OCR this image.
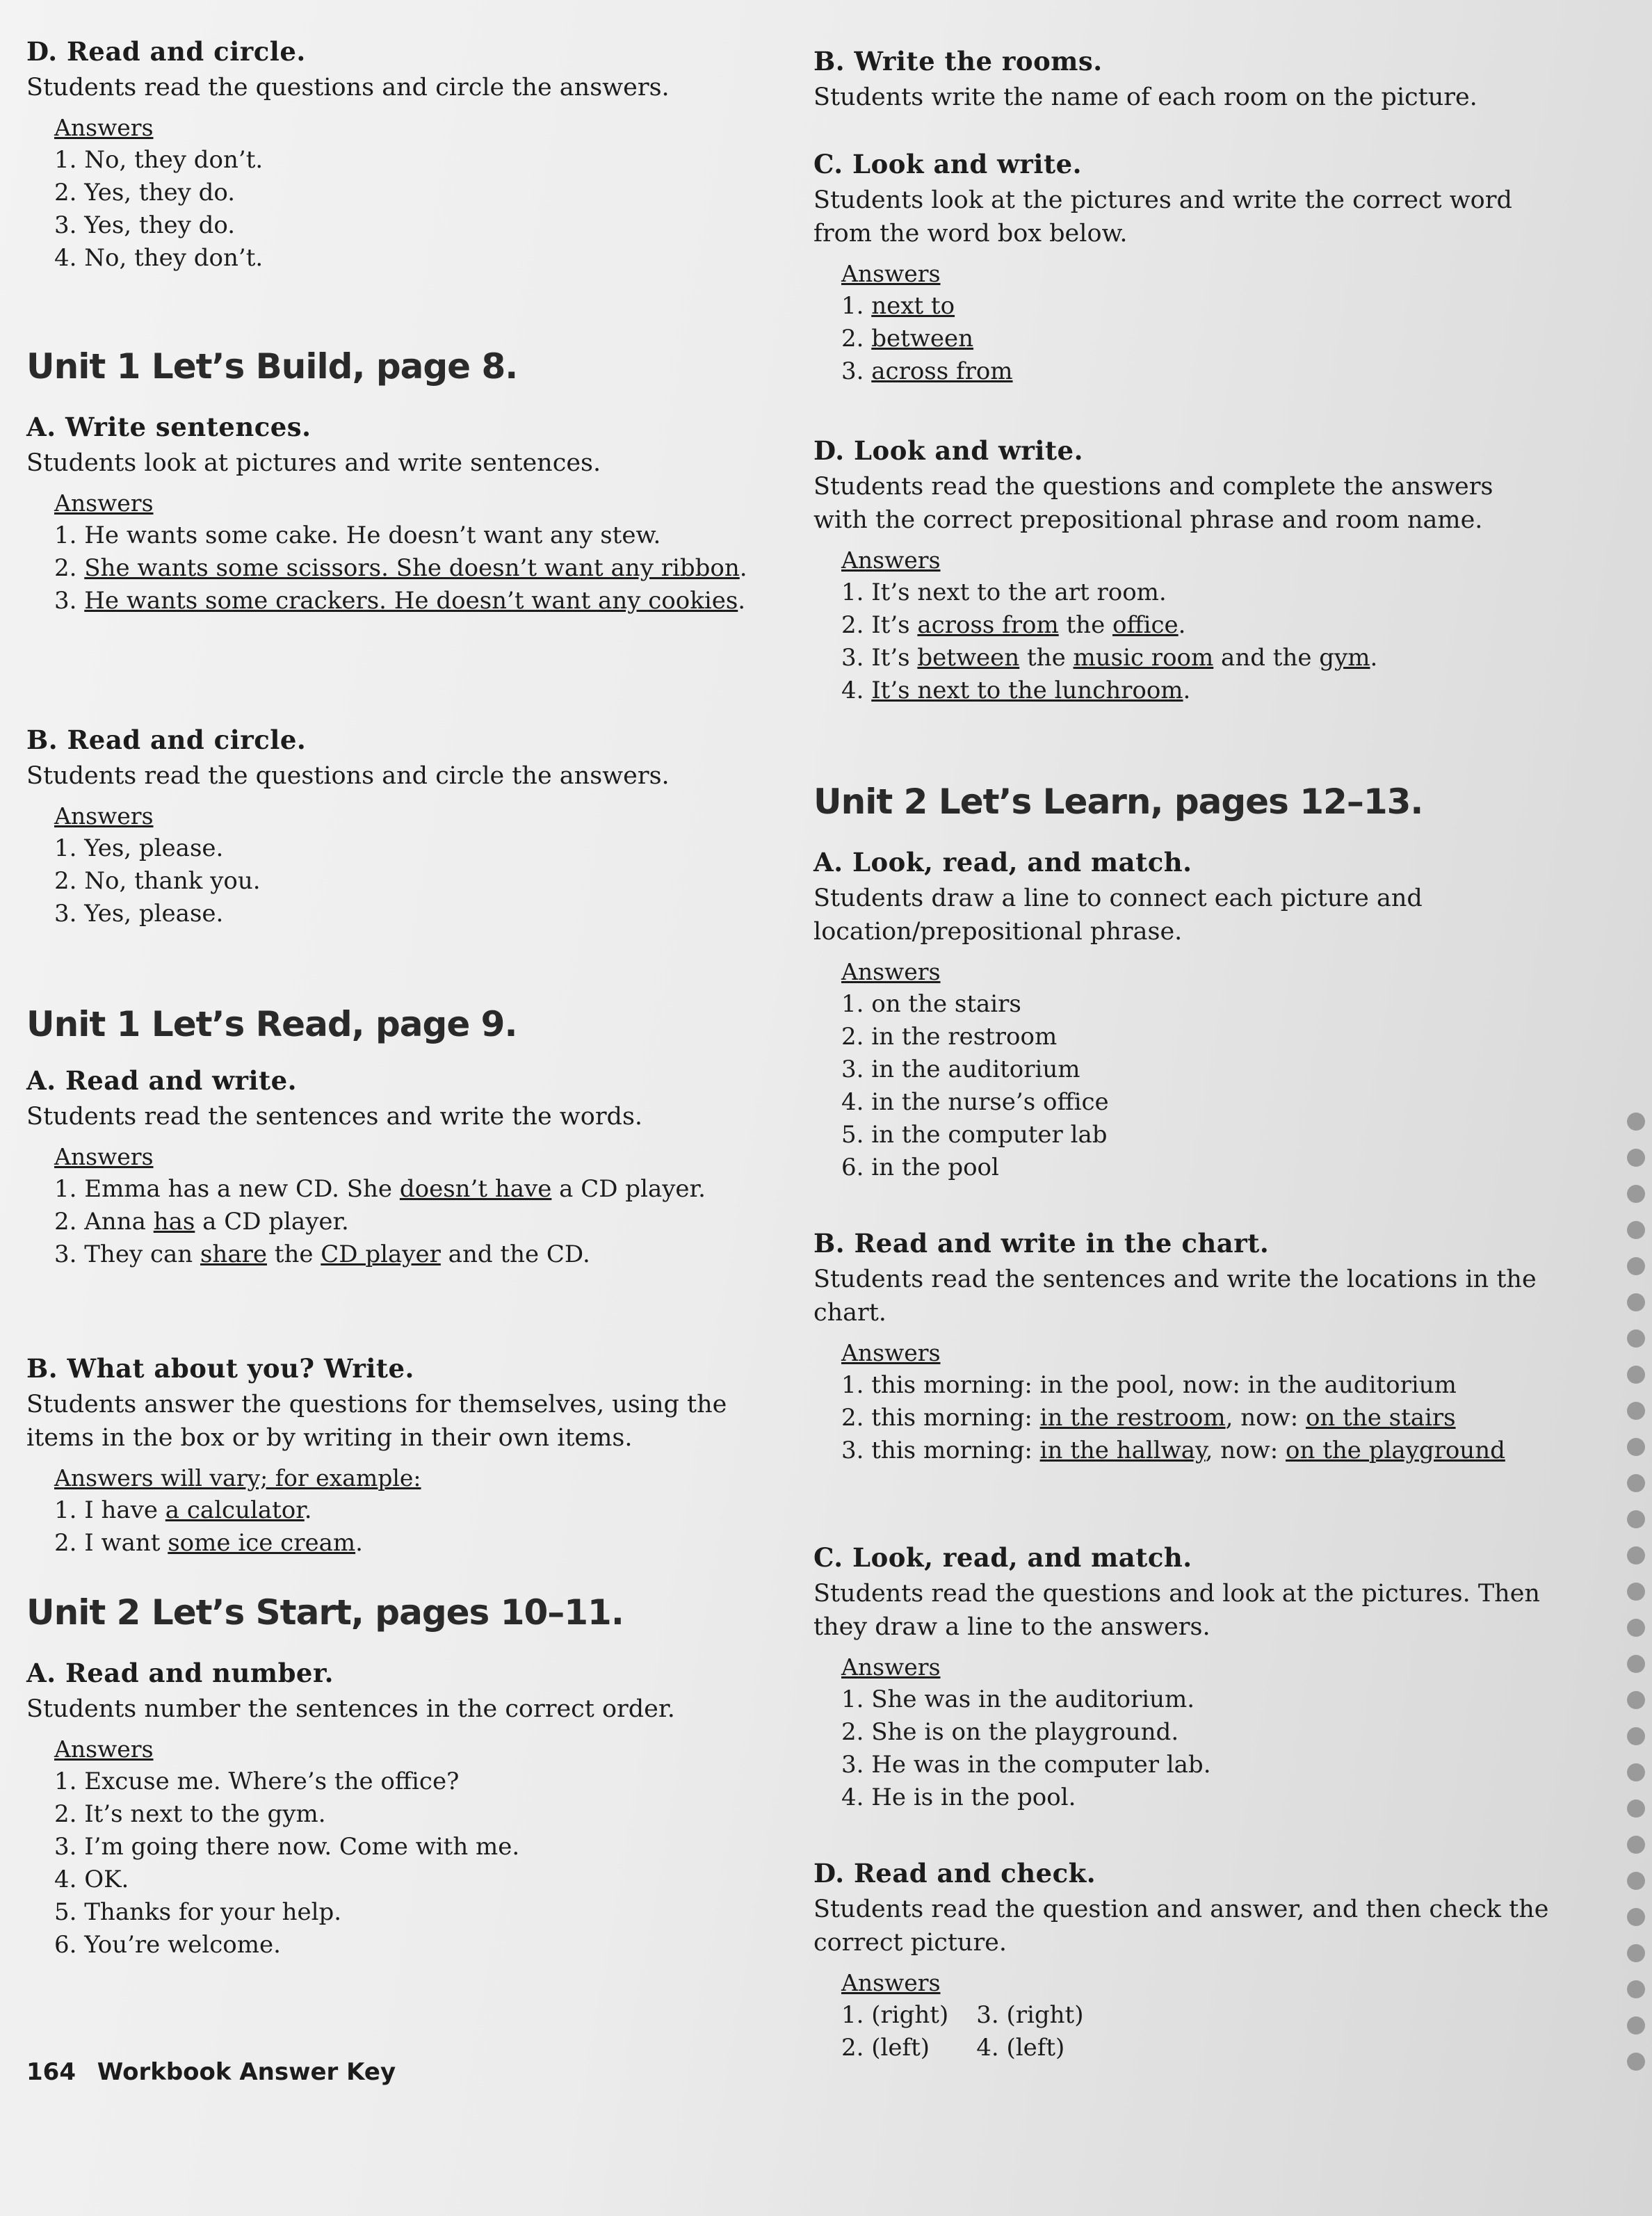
D. Read and circle.

Students read the questions and circle the answers.

Answers
1. No, they don’t.
2. Yes, they do.
3. Yes, they do.
4. No, they don’t.
Unit 1 Let’s Build, page 8.

A. Write sentences.

Students look at pictures and write sentences.

Answers
1. He wants some cake. He doesn’t want any stew.
2. She wants some scissors. She doesn’t want any ribbon.
3. He wants some crackers. He doesn’t want any cookies.

B. Read and circle.

Students read the questions and circle the answers.

Answers
1. Yes, please.
2. No, thank you.
3. Yes, please.
Unit 1 Let’s Read, page 9.

A. Read and write.

Students read the sentences and write the words.

Answers
1. Emma has a new CD. She doesn’t have a CD player.
2. Anna has a CD player.
3. They can share the CD player and the CD.

B. What about you? Write.

Students answer the questions for themselves, using the items in the box or by writing in their own items.

Answers will vary; for example:
1. I have a calculator.
2. I want some ice cream.
Unit 2 Let’s Start, pages 10–11.

A. Read and number.

Students number the sentences in the correct order.

Answers
1. Excuse me. Where’s the office?
2. It’s next to the gym.
3. I’m going there now. Come with me.
4. OK.
5. Thanks for your help.
6. You’re welcome.

B. Write the rooms.

Students write the name of each room on the picture.

C. Look and write.

Students look at the pictures and write the correct word from the word box below.

Answers
1. next to
2. between
3. across from

D. Look and write.

Students read the questions and complete the answers with the correct prepositional phrase and room name.

Answers
1. It’s next to the art room.
2. It’s across from the office.
3. It’s between the music room and the gym.
4. It’s next to the lunchroom.
Unit 2 Let’s Learn, pages 12–13.

A. Look, read, and match.

Students draw a line to connect each picture and location/prepositional phrase.

Answers
1. on the stairs
2. in the restroom
3. in the auditorium
4. in the nurse’s office
5. in the computer lab
6. in the pool

B. Read and write in the chart.

Students read the sentences and write the locations in the chart.

Answers
1. this morning: in the pool, now: in the auditorium
2. this morning: in the restroom, now: on the stairs
3. this morning: in the hallway, now: on the playground

C. Look, read, and match.

Students read the questions and look at the pictures. Then they draw a line to the answers.

Answers
1. She was in the auditorium.
2. She is on the playground.
3. He was in the computer lab.
4. He is in the pool.

D. Read and check.

Students read the question and answer, and then check the correct picture.

Answers
1. (right)
2. (left)
3. (right)
4. (left)
164 Workbook Answer Key
